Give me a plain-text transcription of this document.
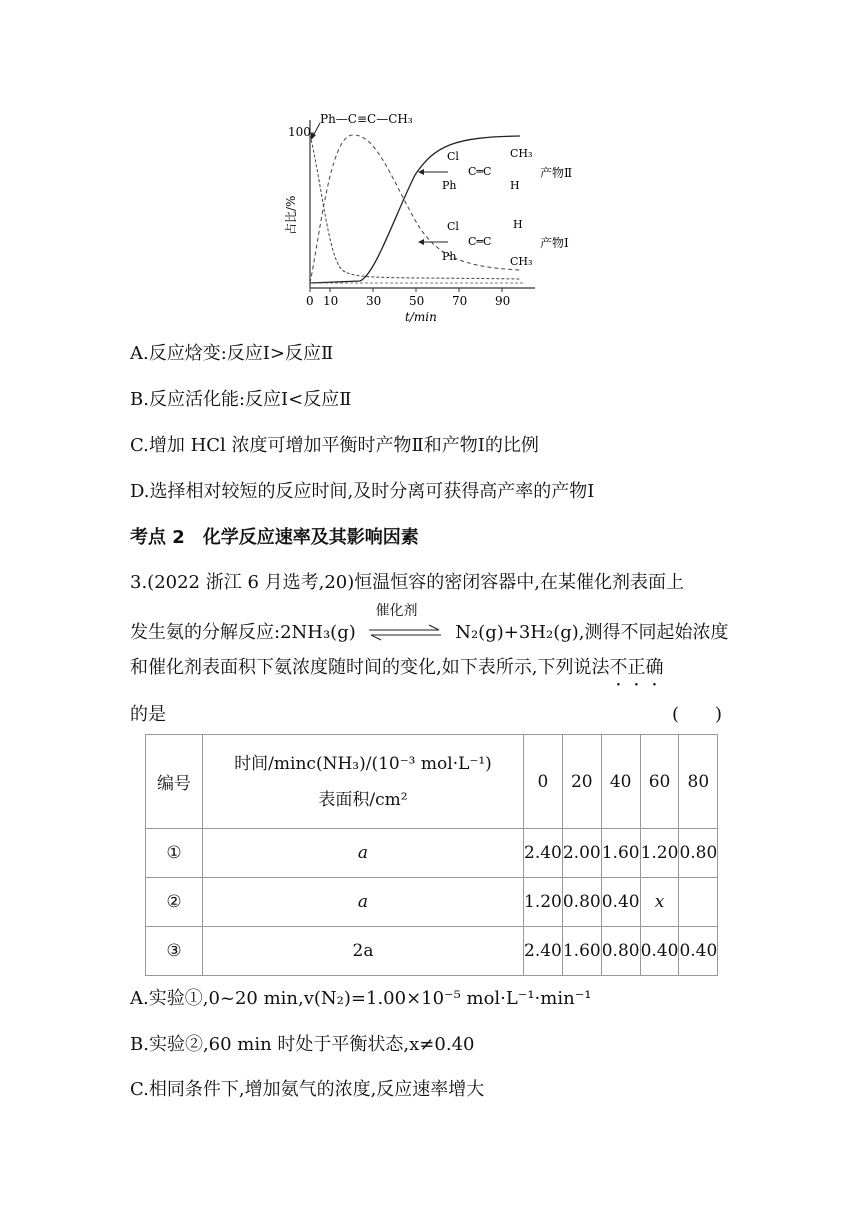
100
占比/%
0 10 30 50 70 90
t/min
Ph—C≡C—CH₃
Cl	CH₃
C═C
Ph	H
产物Ⅱ
Cl	H
C═C
Ph	CH₃
产物Ⅰ
A.反应焓变:反应Ⅰ>反应Ⅱ
B.反应活化能:反应Ⅰ<反应Ⅱ
C.增加 HCl 浓度可增加平衡时产物Ⅱ和产物Ⅰ的比例
D.选择相对较短的反应时间,及时分离可获得高产率的产物Ⅰ
考点 2　化学反应速率及其影响因素
3.(2022 浙江 6 月选考,20)恒温恒容的密闭容器中,在某催化剂表面上
发生氨的分解反应:2NH₃(g)
催化剂
N₂(g)+3H₂(g),测得不同起始浓度
和催化剂表面积下氨浓度随时间的变化,如下表所示,下列说法不正确
的是	(　　)
编号	时间/minc(NH₃)/(10⁻³ mol·L⁻¹)
表面积/cm²	0	20	40	60	80
①	a	2.40	2.00	1.60	1.20	0.80
②	a	1.20	0.80	0.40	x	
③	2a	2.40	1.60	0.80	0.40	0.40
A.实验①,0~20 min,v(N₂)=1.00×10⁻⁵ mol·L⁻¹·min⁻¹
B.实验②,60 min 时处于平衡状态,x≠0.40
C.相同条件下,增加氨气的浓度,反应速率增大
